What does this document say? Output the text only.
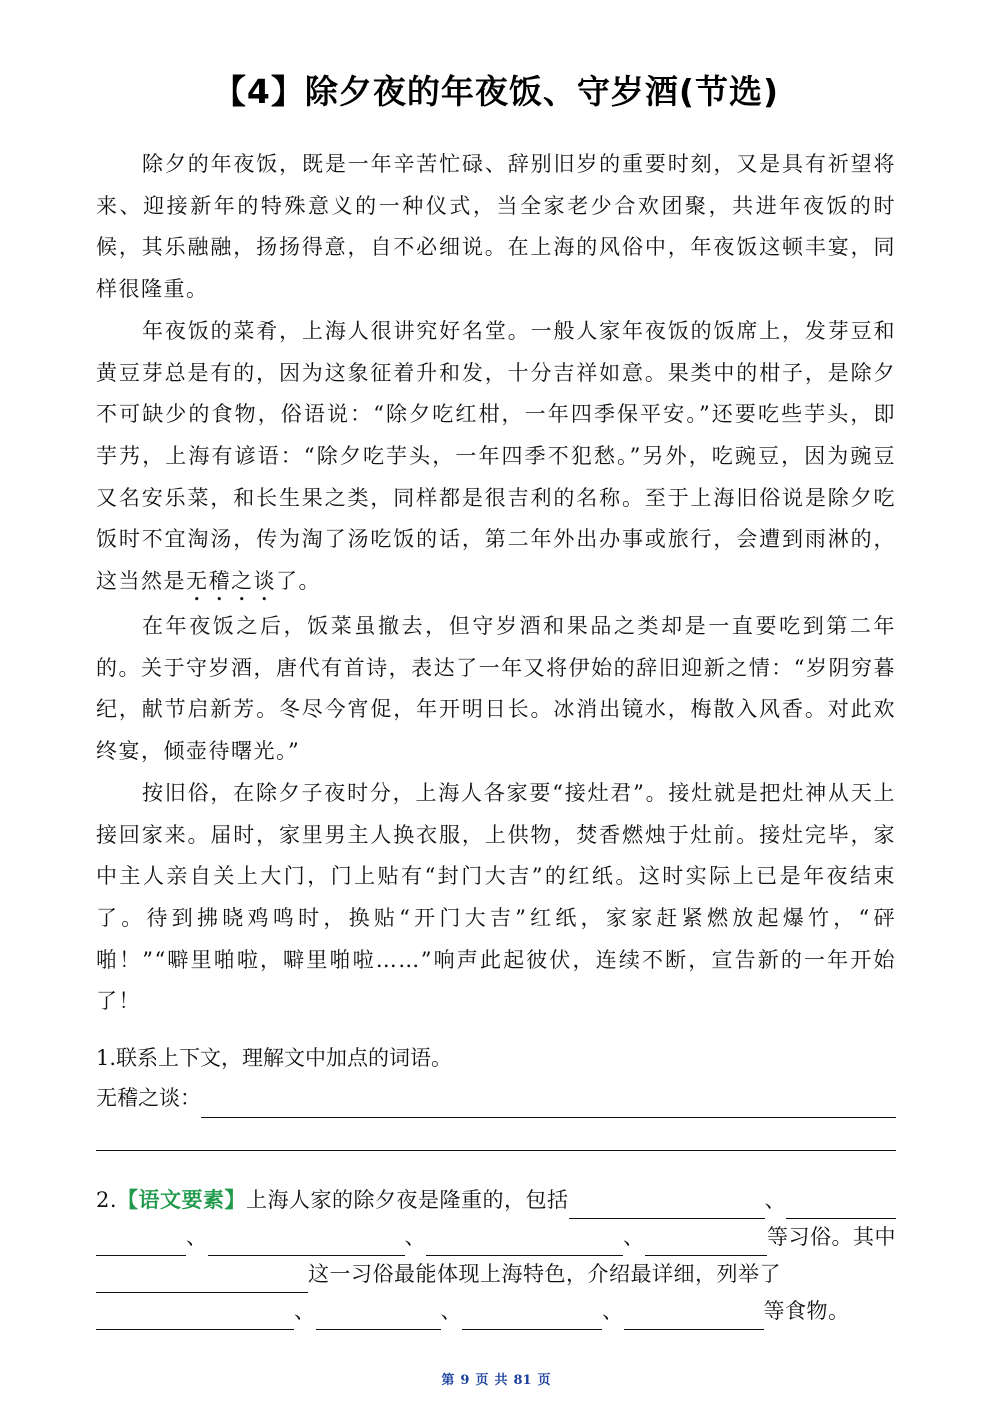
【4】除夕夜的年夜饭、守岁酒(节选)

除夕的年夜饭，既是一年辛苦忙碌、辞别旧岁的重要时刻，又是具有祈望将来、迎接新年的特殊意义的一种仪式，当全家老少合欢团聚，共进年夜饭的时候，其乐融融，扬扬得意，自不必细说。在上海的风俗中，年夜饭这顿丰宴，同样很隆重。

年夜饭的菜肴，上海人很讲究好名堂。一般人家年夜饭的饭席上，发芽豆和黄豆芽总是有的，因为这象征着升和发，十分吉祥如意。果类中的柑子，是除夕不可缺少的食物，俗语说：“除夕吃红柑，一年四季保平安。”还要吃些芋头，即芋艿，上海有谚语：“除夕吃芋头，一年四季不犯愁。”另外，吃豌豆，因为豌豆又名安乐菜，和长生果之类，同样都是很吉利的名称。至于上海旧俗说是除夕吃饭时不宜淘汤，传为淘了汤吃饭的话，第二年外出办事或旅行，会遭到雨淋的，这当然是无稽之谈了。

在年夜饭之后，饭菜虽撤去，但守岁酒和果品之类却是一直要吃到第二年的。关于守岁酒，唐代有首诗，表达了一年又将伊始的辞旧迎新之情：“岁阴穷暮纪，献节启新芳。冬尽今宵促，年开明日长。冰消出镜水，梅散入风香。对此欢终宴，倾壶待曙光。”

按旧俗，在除夕子夜时分，上海人各家要“接灶君”。接灶就是把灶神从天上接回家来。届时，家里男主人换衣服，上供物，焚香燃烛于灶前。接灶完毕，家中主人亲自关上大门，门上贴有“封门大吉”的红纸。这时实际上已是年夜结束了。待到拂晓鸡鸣时，换贴“开门大吉”红纸，家家赶紧燃放起爆竹，“砰啪！”“噼里啪啦，噼里啪啦……”响声此起彼伏，连续不断，宣告新的一年开始了！

1.联系上下文，理解文中加点的词语。
无稽之谈：
2. 【语文要素】 上海人家的除夕夜是隆重的，包括	、
、	、	、	等习俗。其中
这一习俗最能体现上海特色，介绍最详细，列举了
、	、	、	等食物。
第 9 页 共 81 页
